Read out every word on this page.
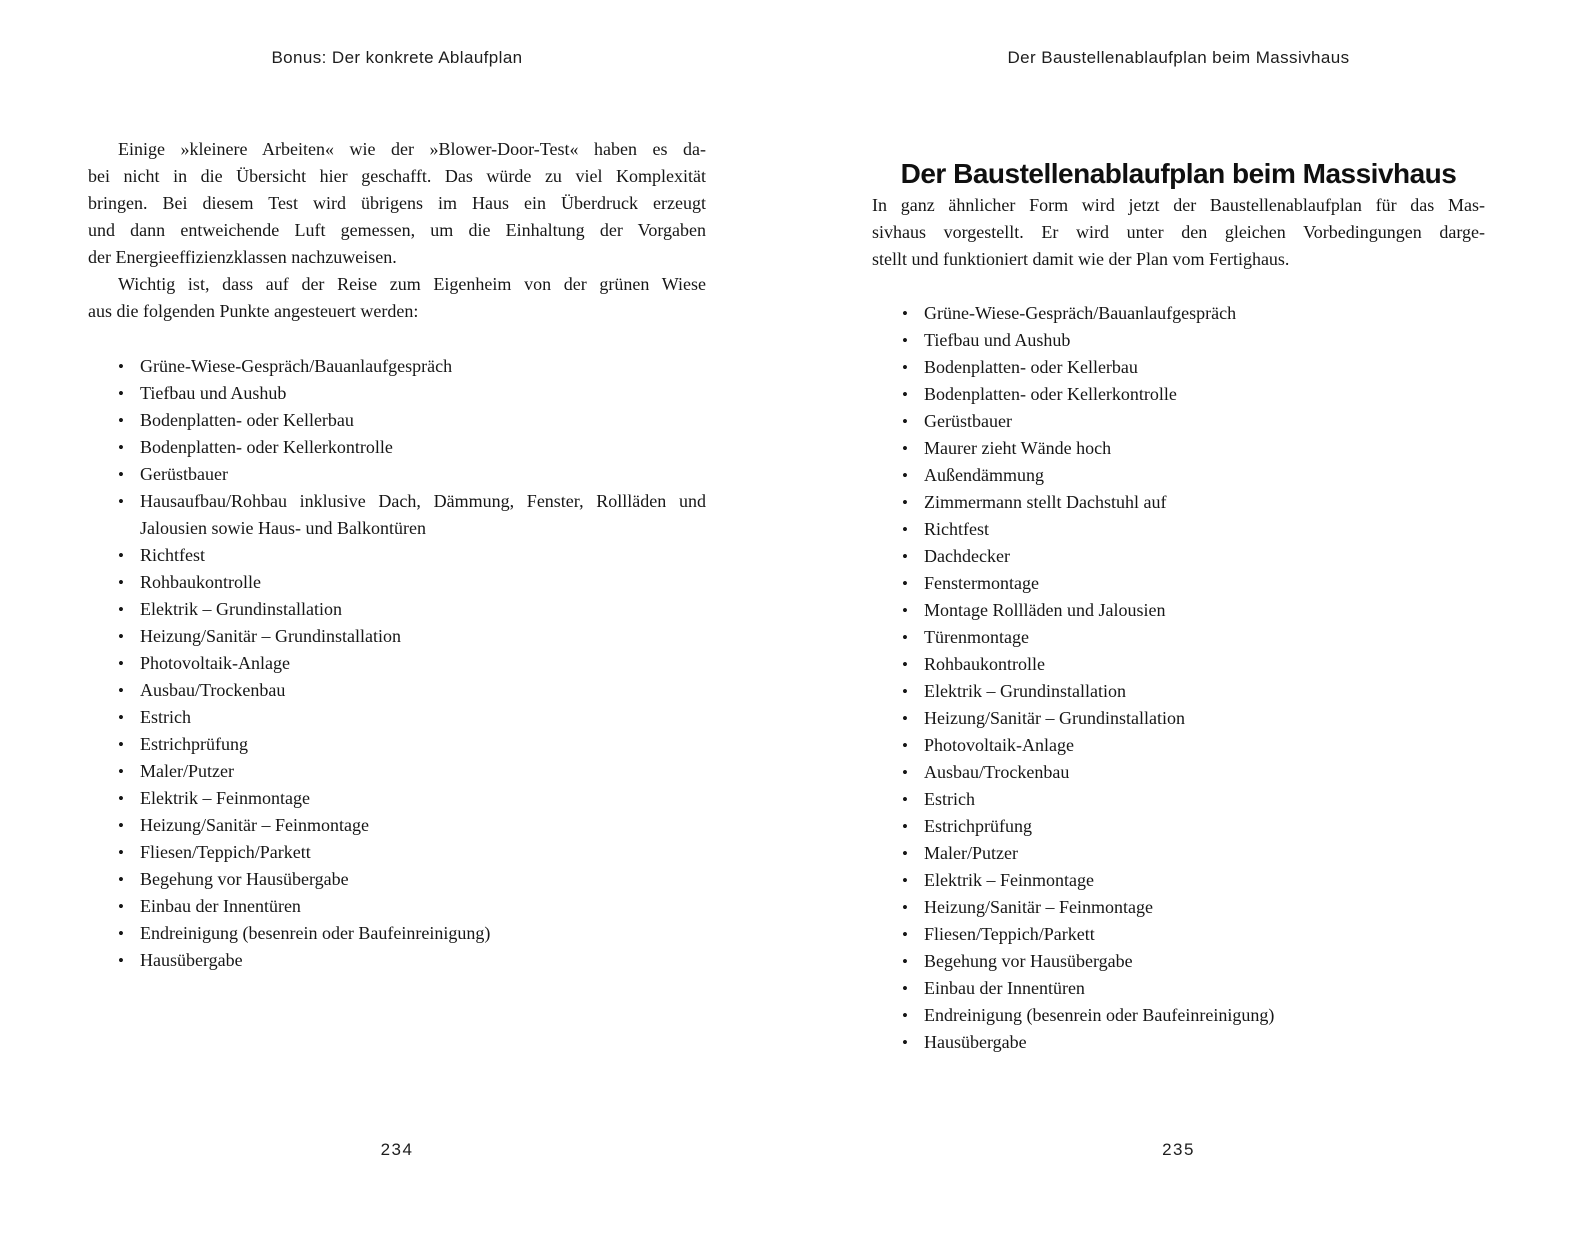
Bonus: Der konkrete Ablaufplan
Einige »kleinere Arbeiten« wie der »Blower-Door-Test« haben es da-
bei nicht in die Übersicht hier geschafft. Das würde zu viel Komplexität
bringen. Bei diesem Test wird übrigens im Haus ein Überdruck erzeugt
und dann entweichende Luft gemessen, um die Einhaltung der Vorgaben
der Energieeffizienzklassen nachzuweisen.
Wichtig ist, dass auf der Reise zum Eigenheim von der grünen Wiese
aus die folgenden Punkte angesteuert werden:
• Grüne-Wiese-Gespräch/Bauanlaufgespräch
• Tiefbau und Aushub
• Bodenplatten- oder Kellerbau
• Bodenplatten- oder Kellerkontrolle
• Gerüstbauer
• Hausaufbau/Rohbau inklusive Dach, Dämmung, Fenster, Rollläden und Jalousien sowie Haus- und Balkontüren
• Richtfest
• Rohbaukontrolle
• Elektrik – Grundinstallation
• Heizung/Sanitär – Grundinstallation
• Photovoltaik-Anlage
• Ausbau/Trockenbau
• Estrich
• Estrichprüfung
• Maler/Putzer
• Elektrik – Feinmontage
• Heizung/Sanitär – Feinmontage
• Fliesen/Teppich/Parkett
• Begehung vor Hausübergabe
• Einbau der Innentüren
• Endreinigung (besenrein oder Baufeinreinigung)
• Hausübergabe
234
Der Baustellenablaufplan beim Massivhaus
Der Baustellenablaufplan beim Massivhaus
In ganz ähnlicher Form wird jetzt der Baustellenablaufplan für das Mas-
sivhaus vorgestellt. Er wird unter den gleichen Vorbedingungen darge-
stellt und funktioniert damit wie der Plan vom Fertighaus.
• Grüne-Wiese-Gespräch/Bauanlaufgespräch
• Tiefbau und Aushub
• Bodenplatten- oder Kellerbau
• Bodenplatten- oder Kellerkontrolle
• Gerüstbauer
• Maurer zieht Wände hoch
• Außendämmung
• Zimmermann stellt Dachstuhl auf
• Richtfest
• Dachdecker
• Fenstermontage
• Montage Rollläden und Jalousien
• Türenmontage
• Rohbaukontrolle
• Elektrik – Grundinstallation
• Heizung/Sanitär – Grundinstallation
• Photovoltaik-Anlage
• Ausbau/Trockenbau
• Estrich
• Estrichprüfung
• Maler/Putzer
• Elektrik – Feinmontage
• Heizung/Sanitär – Feinmontage
• Fliesen/Teppich/Parkett
• Begehung vor Hausübergabe
• Einbau der Innentüren
• Endreinigung (besenrein oder Baufeinreinigung)
• Hausübergabe
235
